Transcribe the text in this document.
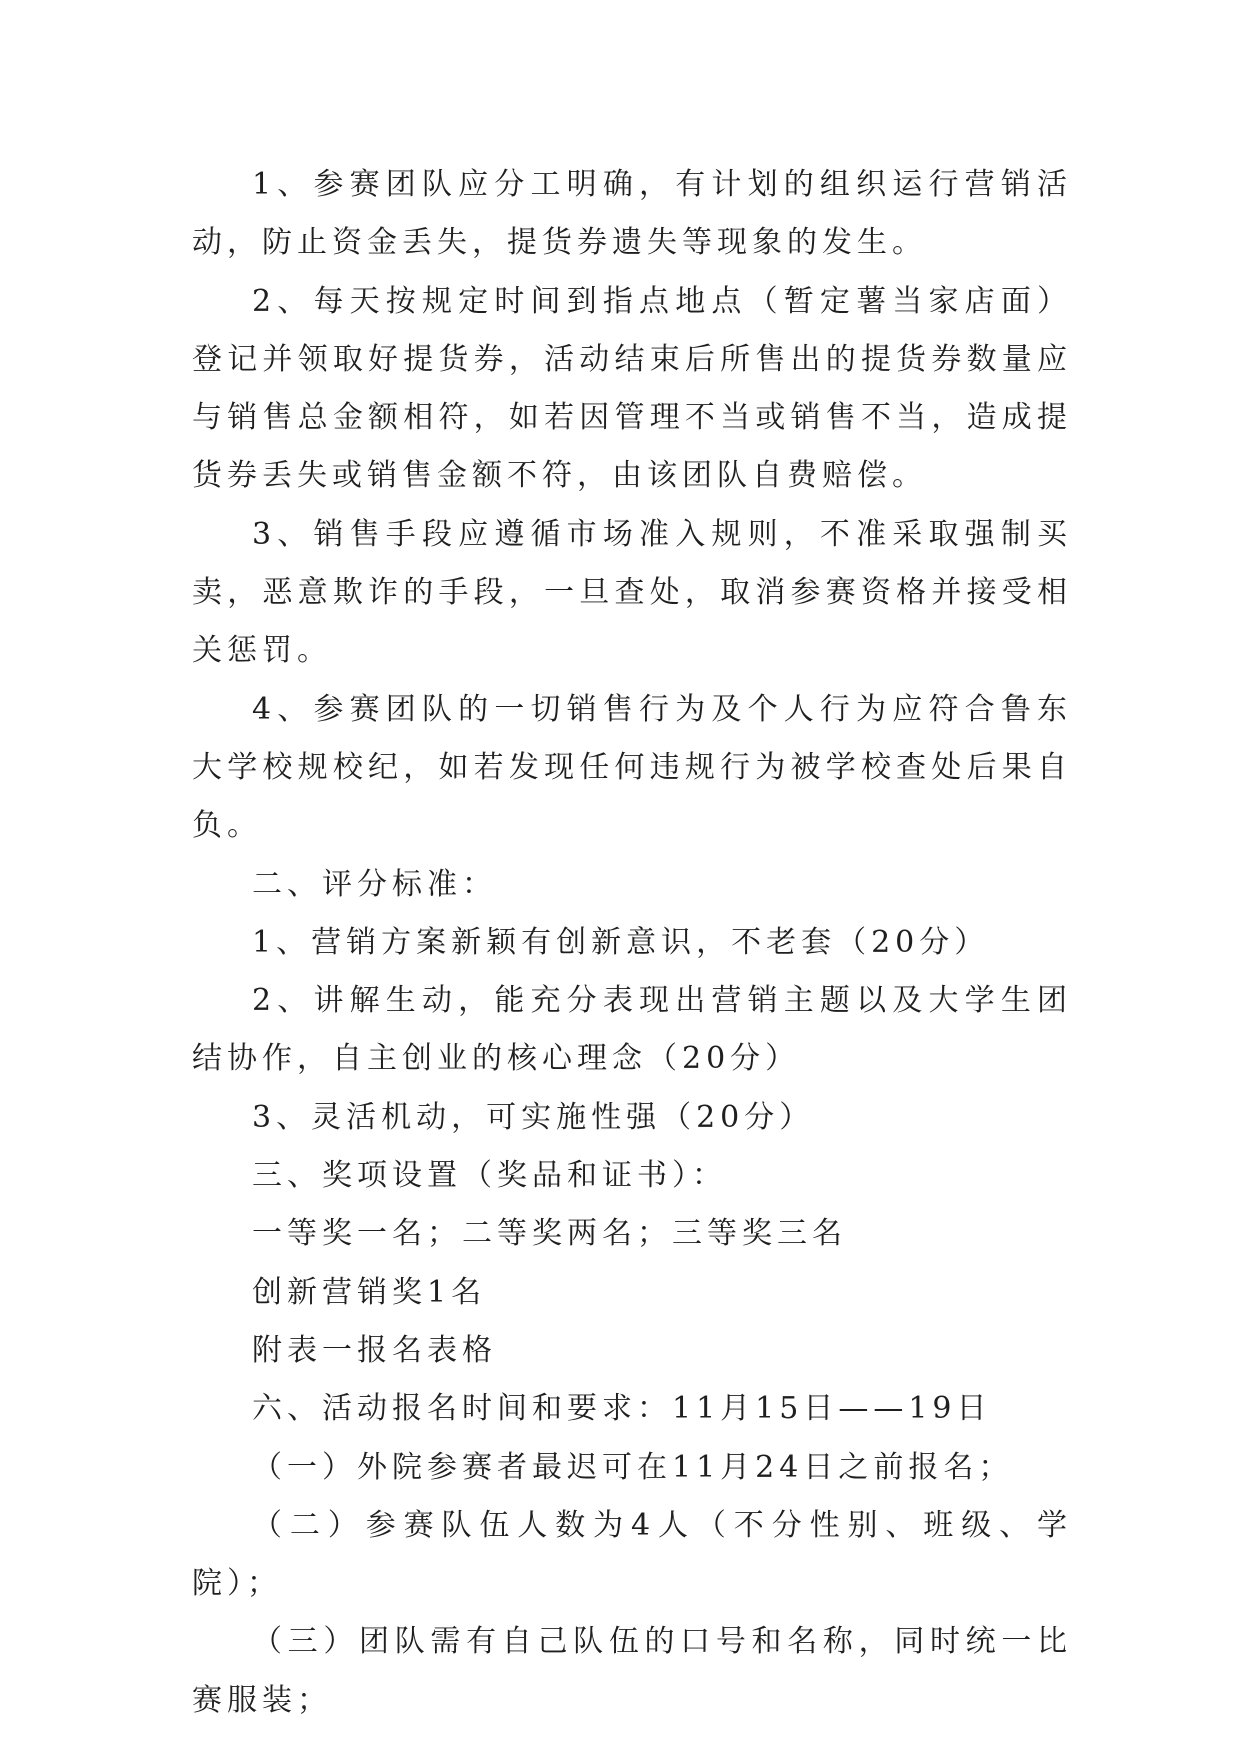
1、参赛团队应分工明确，有计划的组织运行营销活动，防止资金丢失，提货券遗失等现象的发生。

2、每天按规定时间到指点地点（暂定薯当家店面）登记并领取好提货券，活动结束后所售出的提货券数量应与销售总金额相符，如若因管理不当或销售不当，造成提货券丢失或销售金额不符，由该团队自费赔偿。

3、销售手段应遵循市场准入规则，不准采取强制买卖，恶意欺诈的手段，一旦查处，取消参赛资格并接受相关惩罚。

4、参赛团队的一切销售行为及个人行为应符合鲁东大学校规校纪，如若发现任何违规行为被学校查处后果自负。

二、评分标准：

1、营销方案新颖有创新意识，不老套（20分）

2、讲解生动，能充分表现出营销主题以及大学生团结协作，自主创业的核心理念（20分）

3、灵活机动，可实施性强（20分）

三、奖项设置（奖品和证书）：

一等奖一名；二等奖两名；三等奖三名

创新营销奖1名

附表一报名表格

六、活动报名时间和要求：11月15日——19日

（一）外院参赛者最迟可在11月24日之前报名；

（二）参赛队伍人数为4人（不分性别、班级、学院）；

（三）团队需有自己队伍的口号和名称，同时统一比赛服装；
